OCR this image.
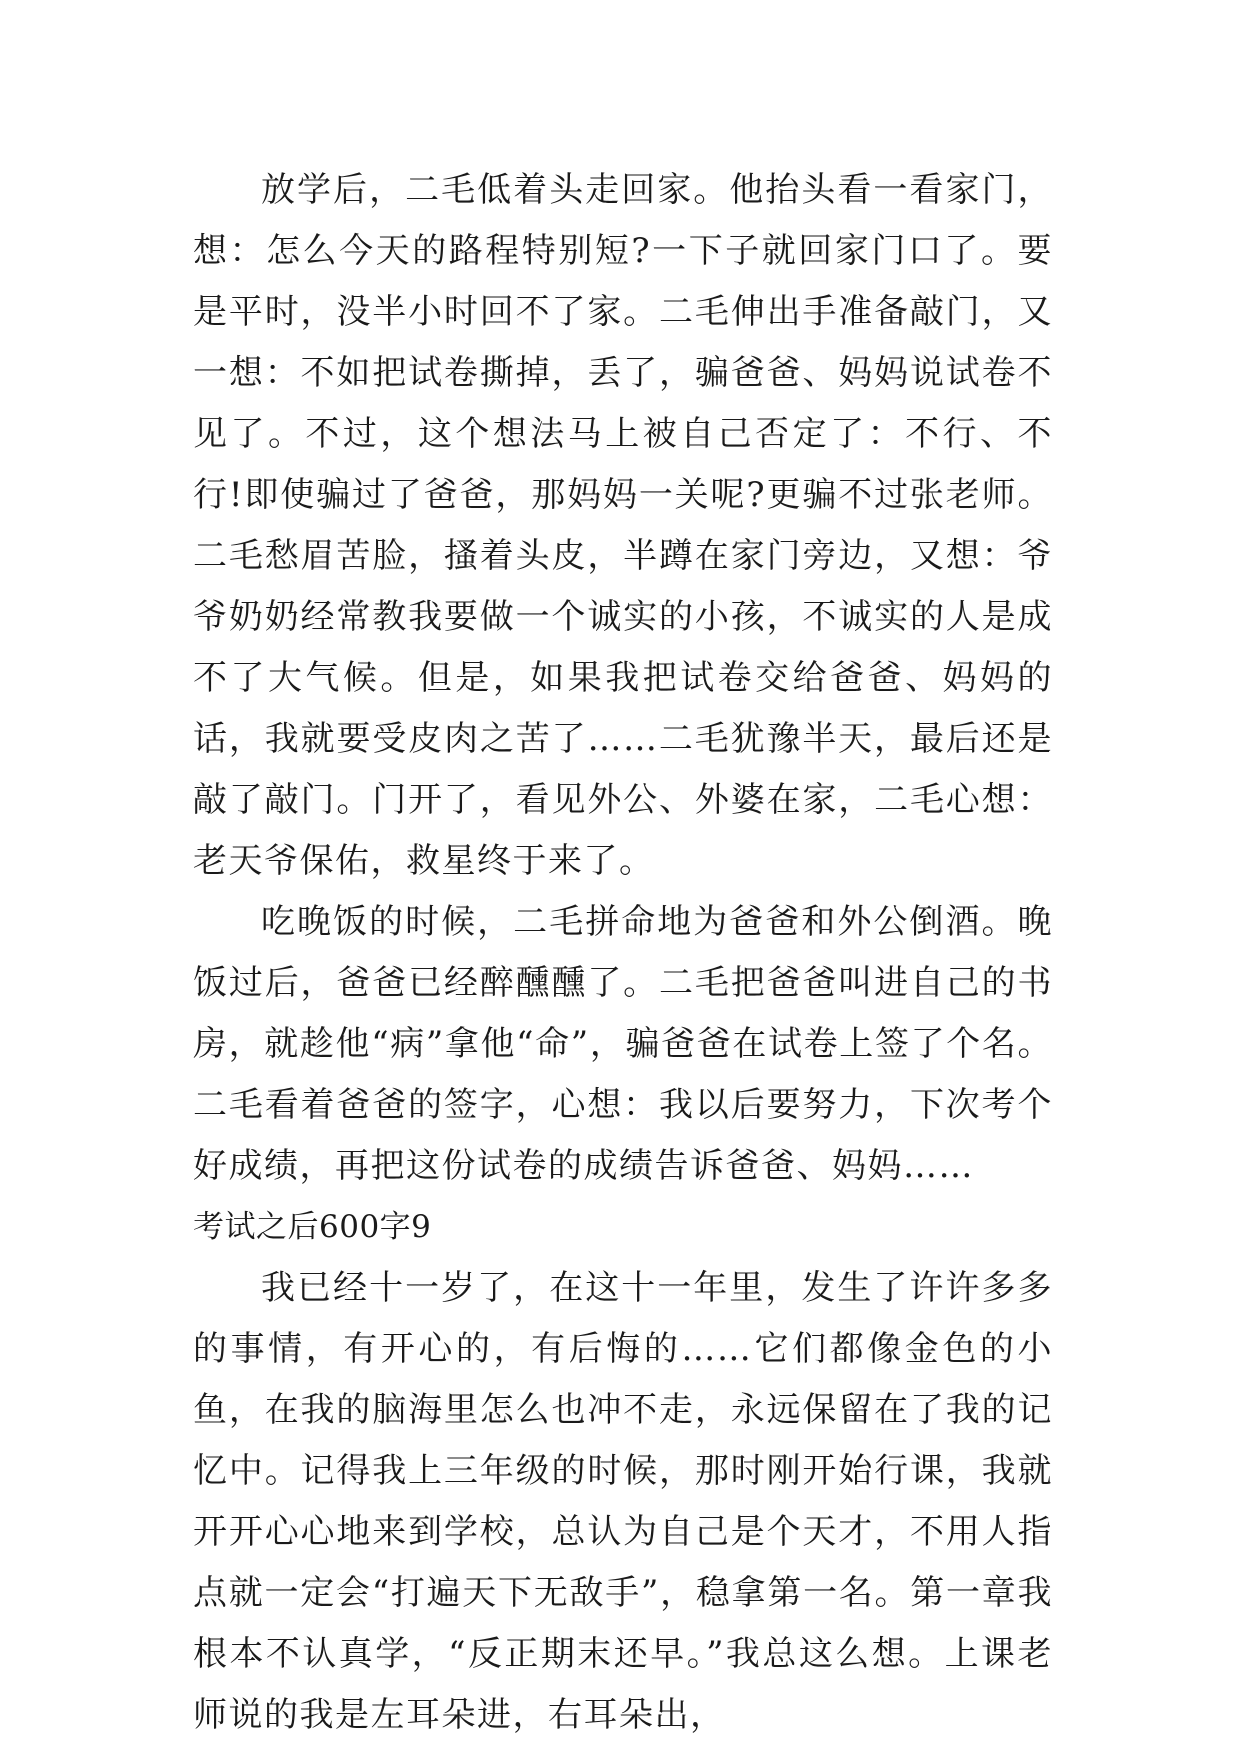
放学后，二毛低着头走回家。他抬头看一看家门，想：怎么今天的路程特别短?一下子就回家门口了。要是平时，没半小时回不了家。二毛伸出手准备敲门，又一想：不如把试卷撕掉，丢了，骗爸爸、妈妈说试卷不见了。不过，这个想法马上被自己否定了：不行、不行!即使骗过了爸爸，那妈妈一关呢?更骗不过张老师。二毛愁眉苦脸，搔着头皮，半蹲在家门旁边，又想：爷爷奶奶经常教我要做一个诚实的小孩，不诚实的人是成不了大气候。但是，如果我把试卷交给爸爸、妈妈的话，我就要受皮肉之苦了……二毛犹豫半天，最后还是敲了敲门。门开了，看见外公、外婆在家，二毛心想：老天爷保佑，救星终于来了。

吃晚饭的时候，二毛拼命地为爸爸和外公倒酒。晚饭过后，爸爸已经醉醺醺了。二毛把爸爸叫进自己的书房，就趁他“病”拿他“命”，骗爸爸在试卷上签了个名。二毛看着爸爸的签字，心想：我以后要努力，下次考个好成绩，再把这份试卷的成绩告诉爸爸、妈妈……

考试之后600字9

我已经十一岁了，在这十一年里，发生了许许多多的事情，有开心的，有后悔的……它们都像金色的小鱼，在我的脑海里怎么也冲不走，永远保留在了我的记忆中。记得我上三年级的时候，那时刚开始行课，我就开开心心地来到学校，总认为自己是个天才，不用人指点就一定会“打遍天下无敌手”，稳拿第一名。第一章我根本不认真学，“反正期末还早。”我总这么想。上课老师说的我是左耳朵进，右耳朵出，
